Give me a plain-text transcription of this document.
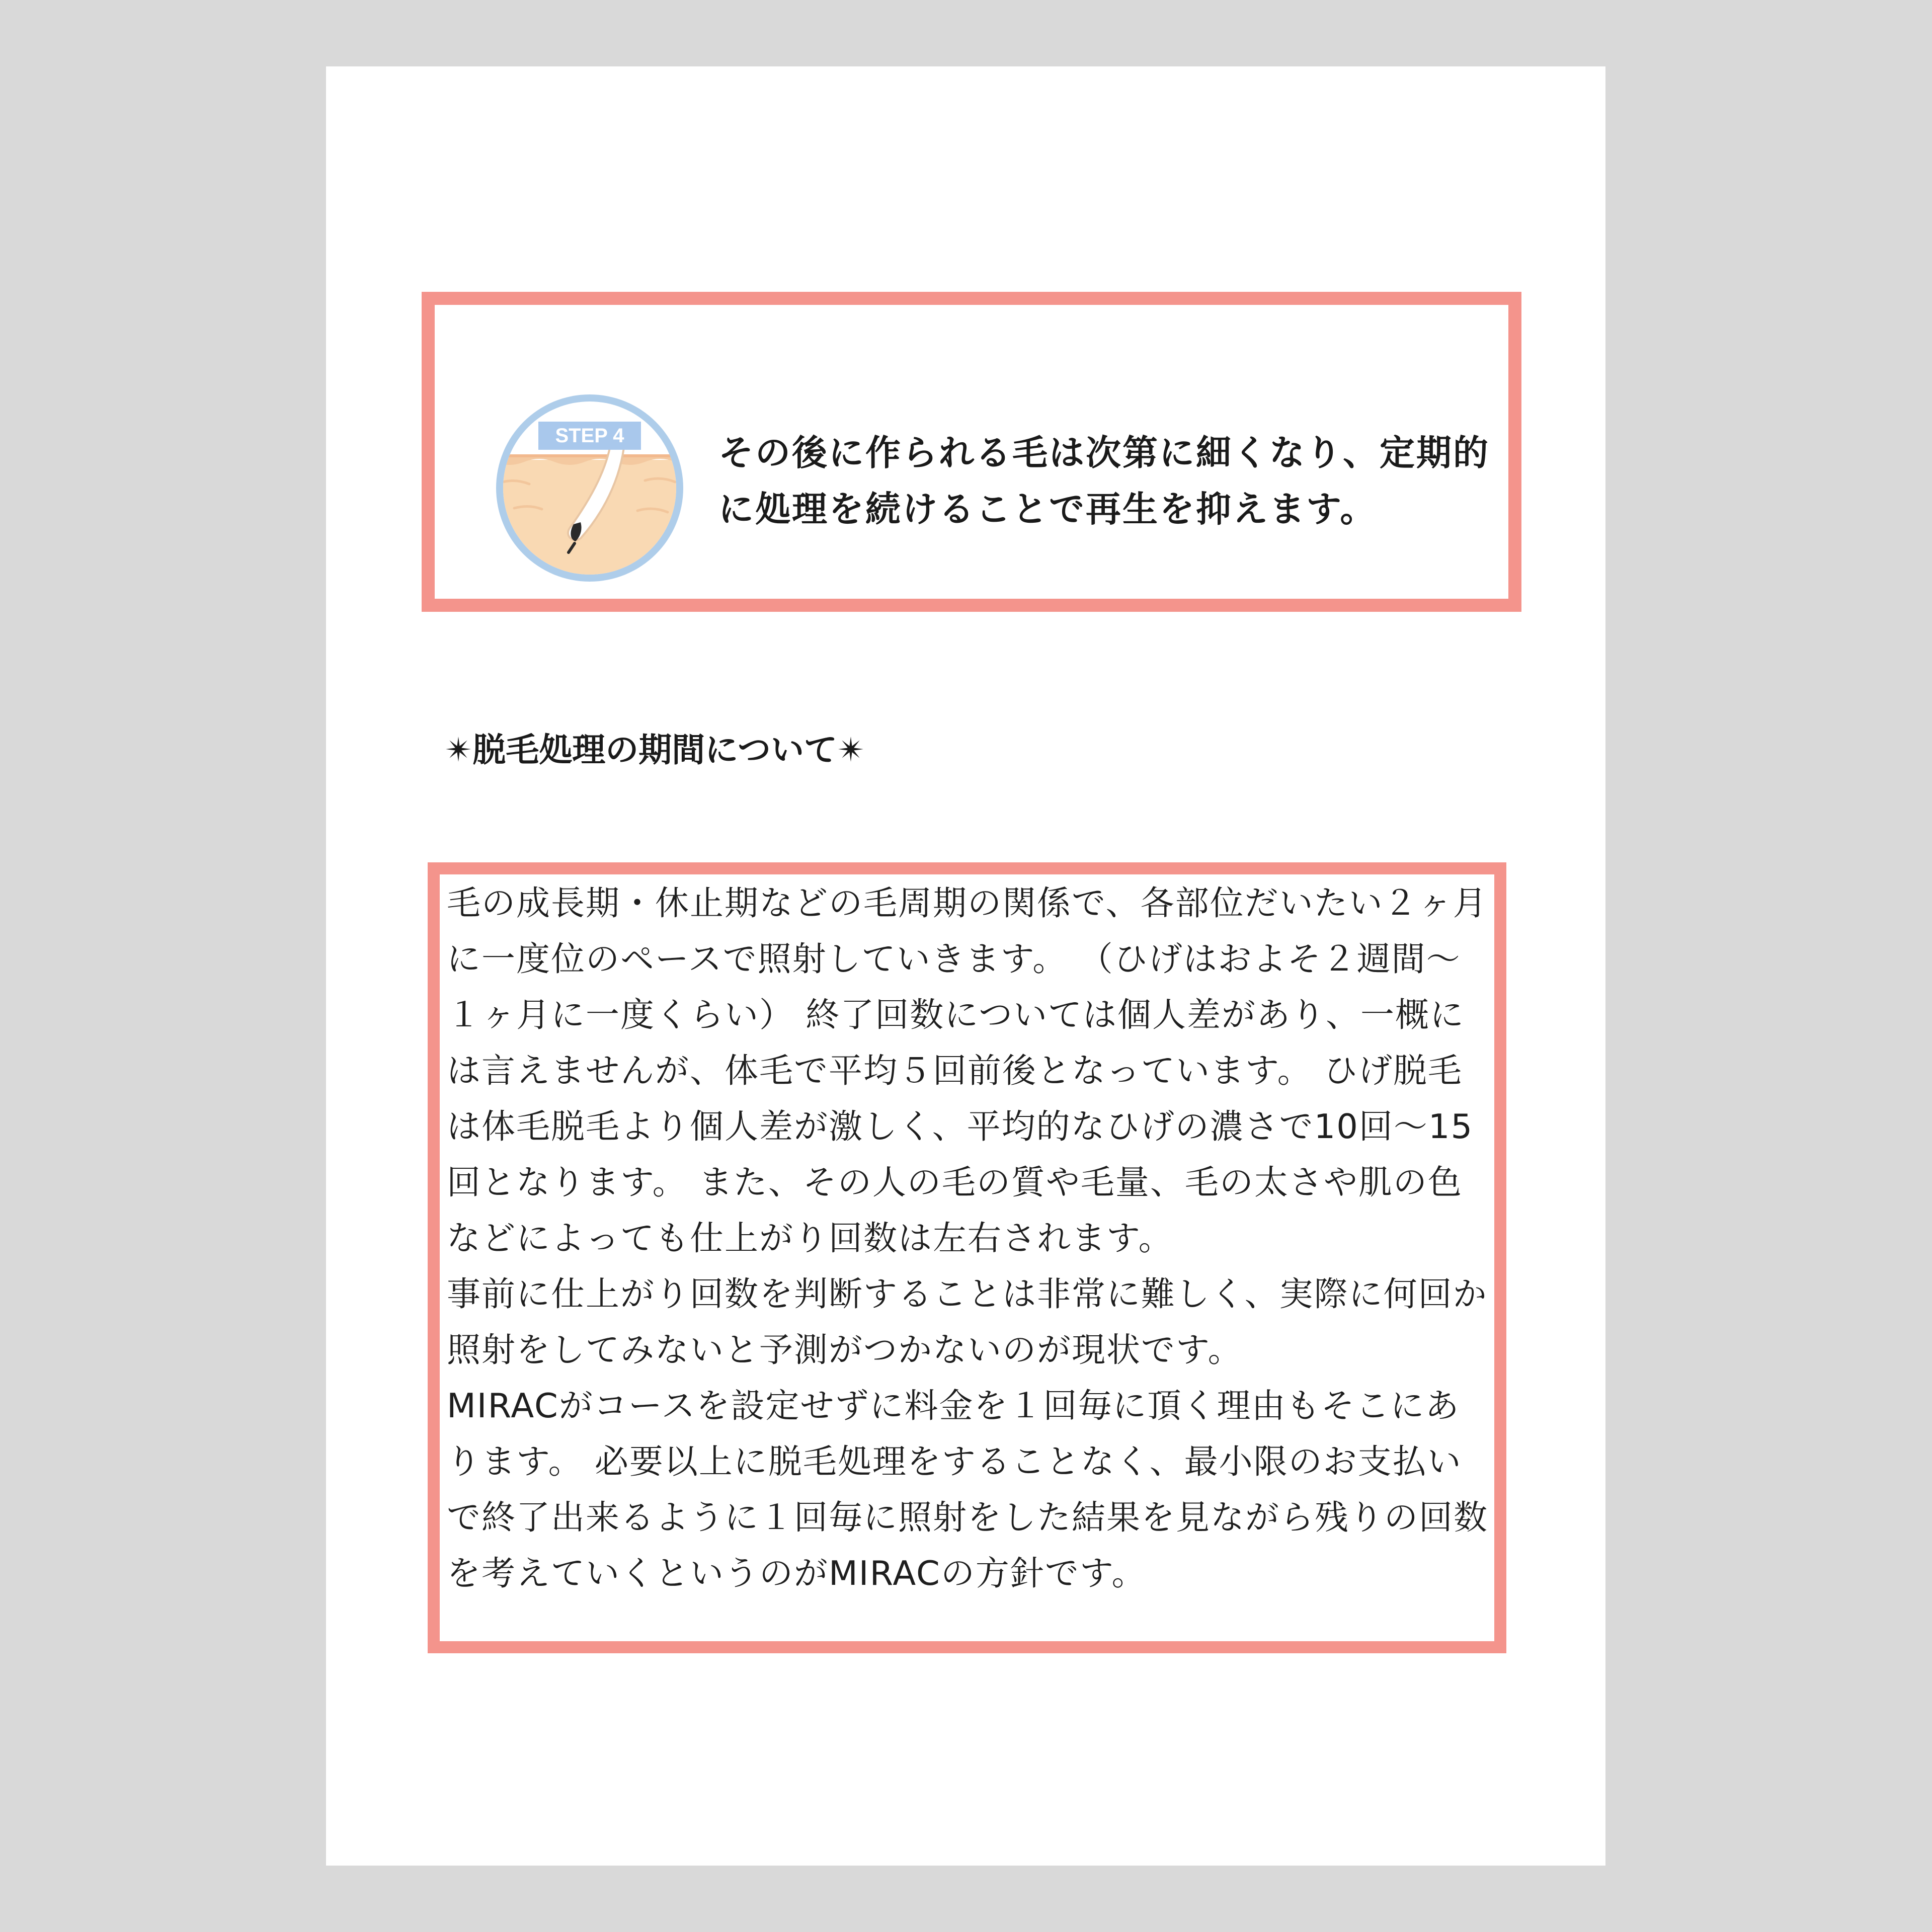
STEP 4	その後に作られる毛は次第に細くなり、定期的に処理を続けることで再生を抑えます。
✴脱毛処理の期間について✴

毛の成長期・休止期などの毛周期の関係で、各部位だいたい２ヶ月に一度位のペースで照射していきます。 （ひげはおよそ２週間〜１ヶ月に一度くらい） 終了回数については個人差があり、一概には言えませんが、体毛で平均５回前後となっています。 ひげ脱毛は体毛脱毛より個人差が激しく、平均的なひげの濃さで10回〜15回となります。 また、その人の毛の質や毛量、毛の太さや肌の色などによっても仕上がり回数は左右されます。

事前に仕上がり回数を判断することは非常に難しく、実際に何回か照射をしてみないと予測がつかないのが現状です。

MIRACがコースを設定せずに料金を１回毎に頂く理由もそこにあります。 必要以上に脱毛処理をすることなく、最小限のお支払いで終了出来るように１回毎に照射をした結果を見ながら残りの回数を考えていくというのがMIRACの方針です。
